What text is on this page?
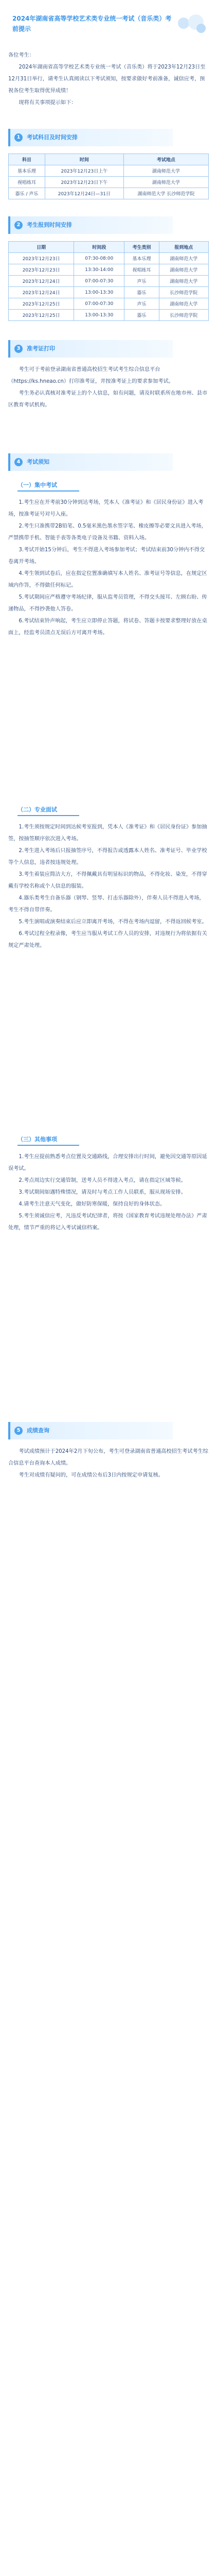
2024年湖南省高等学校艺术类专业统一考试（音乐类）考前提示

各位考生：

2024年湖南省高等学校艺术类专业统一考试（音乐类）将于2023年12月23日至12月31日举行，请考生认真阅读以下考试须知，按要求做好考前准备，诚信应考，预祝各位考生取得优异成绩！

现将有关事项提示如下：

1	考试科目及时间安排
科目	时间	考试地点
基本乐理	2023年12月23日上午	湖南师范大学
视唱练耳	2023年12月23日下午	湖南师范大学
器乐 / 声乐	2023年12月24日—31日	湖南师范大学 长沙师范学院
2	考生报到时间安排
日期	时间段	考生类别	报到地点
2023年12月23日	07:30-08:00	基本乐理	湖南师范大学
2023年12月23日	13:30-14:00	视唱练耳	湖南师范大学
2023年12月24日	07:00-07:30	声乐	湖南师范大学
2023年12月24日	13:00-13:30	器乐	长沙师范学院
2023年12月25日	07:00-07:30	声乐	湖南师范大学
2023年12月25日	13:00-13:30	器乐	长沙师范学院
3	准考证打印

考生可于考前登录湖南省普通高校招生考试考生综合信息平台（https://ks.hneao.cn）打印准考证，并按准考证上的要求参加考试。

考生务必认真核对准考证上的个人信息，如有问题，请及时联系所在地市州、县市区教育考试机构。

4	考试须知
（一）集中考试

1.考生应在开考前30分钟到达考场，凭本人《准考证》和《居民身份证》进入考场，按准考证号对号入座。

2.考生只准携带2B铅笔、0.5毫米黑色墨水签字笔、橡皮擦等必要文具进入考场，严禁携带手机、智能手表等各类电子设备及书籍、资料入场。

3.考试开始15分钟后，考生不得进入考场参加考试；考试结束前30分钟内不得交卷离开考场。

4.考生领到试卷后，应在指定位置准确填写本人姓名、准考证号等信息，在规定区域内作答，不得做任何标记。

5.考试期间应严格遵守考场纪律，服从监考员管理，不得交头接耳、左顾右盼、传递物品，不得抄袭他人答卷。

6.考试结束铃声响起，考生应立即停止答题，将试卷、答题卡按要求整理好放在桌面上，经监考员清点无误后方可离开考场。

（二）专业面试

1.考生须按规定时间到达候考室报到，凭本人《准考证》和《居民身份证》参加抽签，按抽签顺序依次进入考场。

2.考生进入考场后只报抽签序号，不得报告或透露本人姓名、准考证号、毕业学校等个人信息，违者按违规处理。

3.考生着装应简洁大方，不得佩戴具有明显标识的物品，不得化妆、染发，不得穿戴有学校名称或个人信息的服装。

4.器乐类考生自备乐器（钢琴、竖琴、打击乐器除外），伴奏人员不得进入考场，考生不得自带伴奏。

5.考生演唱或演奏结束后应立即离开考场，不得在考场内逗留，不得返回候考室。

6.考试过程全程录像，考生应当服从考试工作人员的安排，对违规行为将依据有关规定严肃处理。

（三）其他事项

1.考生应提前熟悉考点位置及交通路线，合理安排出行时间，避免因交通等原因延误考试。

2.考点周边实行交通管制，送考人员不得进入考点，请在指定区域等候。

3.考试期间如遇特殊情况，请及时与考点工作人员联系，服从现场安排。

4.请考生注意天气变化，做好防寒保暖，保持良好的身体状态。

5.考生须诚信应考，凡违反考试纪律者，将按《国家教育考试违规处理办法》严肃处理，情节严重的将记入考试诚信档案。

5	成绩查询

考试成绩预计于2024年2月下旬公布，考生可登录湖南省普通高校招生考试考生综合信息平台查询本人成绩。

考生对成绩有疑问的，可在成绩公布后3日内按规定申请复核。
